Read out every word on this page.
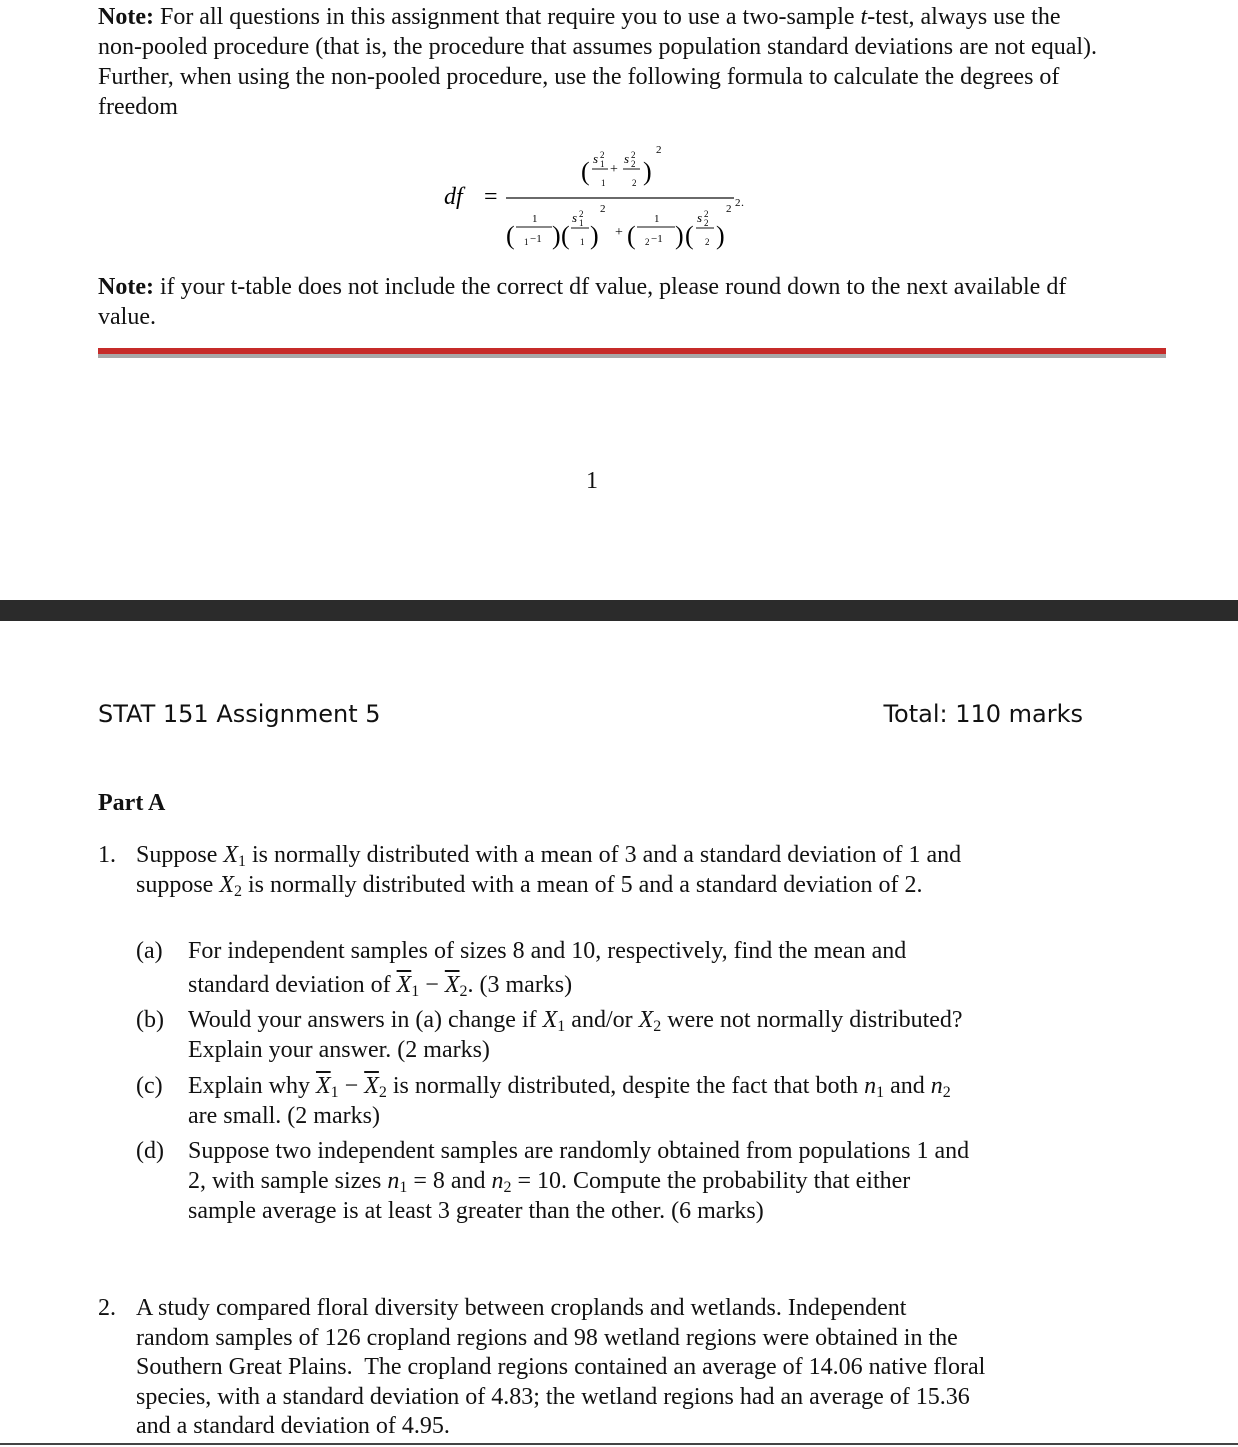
Note: For all questions in this assignment that require you to use a two-sample t-test, always use the non-pooled procedure (that is, the procedure that assumes population standard deviations are not equal). Further, when using the non-pooled procedure, use the following formula to calculate the degrees of freedom

df =
( s 2
1
1
+
s 2
2
2 )
2
2 .
(
1
1 −1 ) (
s 2
1
1 )
2
+ (
1
2 −1 ) (
s 2
2
2 )
2

Note: if your t-table does not include the correct df value, please round down to the next available df value.

1
STAT 151 Assignment 5	Total: 110 marks
Part A
1. Suppose $X_1$ is normally distributed with a mean of 3 and a standard deviation of 1 and
suppose $X_2$ is normally distributed with a mean of 5 and a standard deviation of 2.
(a) For independent samples of sizes 8 and 10, respectively, find the mean and
standard deviation of $\overline{X}_1 - \overline{X}_2$. (3 marks)
(b) Would your answers in (a) change if $X_1$ and/or $X_2$ were not normally distributed?
Explain your answer. (2 marks)
(c) Explain why $\overline{X}_1 - \overline{X}_2$ is normally distributed, despite the fact that both $n_1$ and $n_2$
are small. (2 marks)
(d) Suppose two independent samples are randomly obtained from populations 1 and
2, with sample sizes $n_1 = 8$ and $n_2 = 10$. Compute the probability that either
sample average is at least 3 greater than the other. (6 marks)
2. A study compared floral diversity between croplands and wetlands. Independent
random samples of 126 cropland regions and 98 wetland regions were obtained in the
Southern Great Plains.  The cropland regions contained an average of 14.06 native floral
species, with a standard deviation of 4.83; the wetland regions had an average of 15.36
and a standard deviation of 4.95.
